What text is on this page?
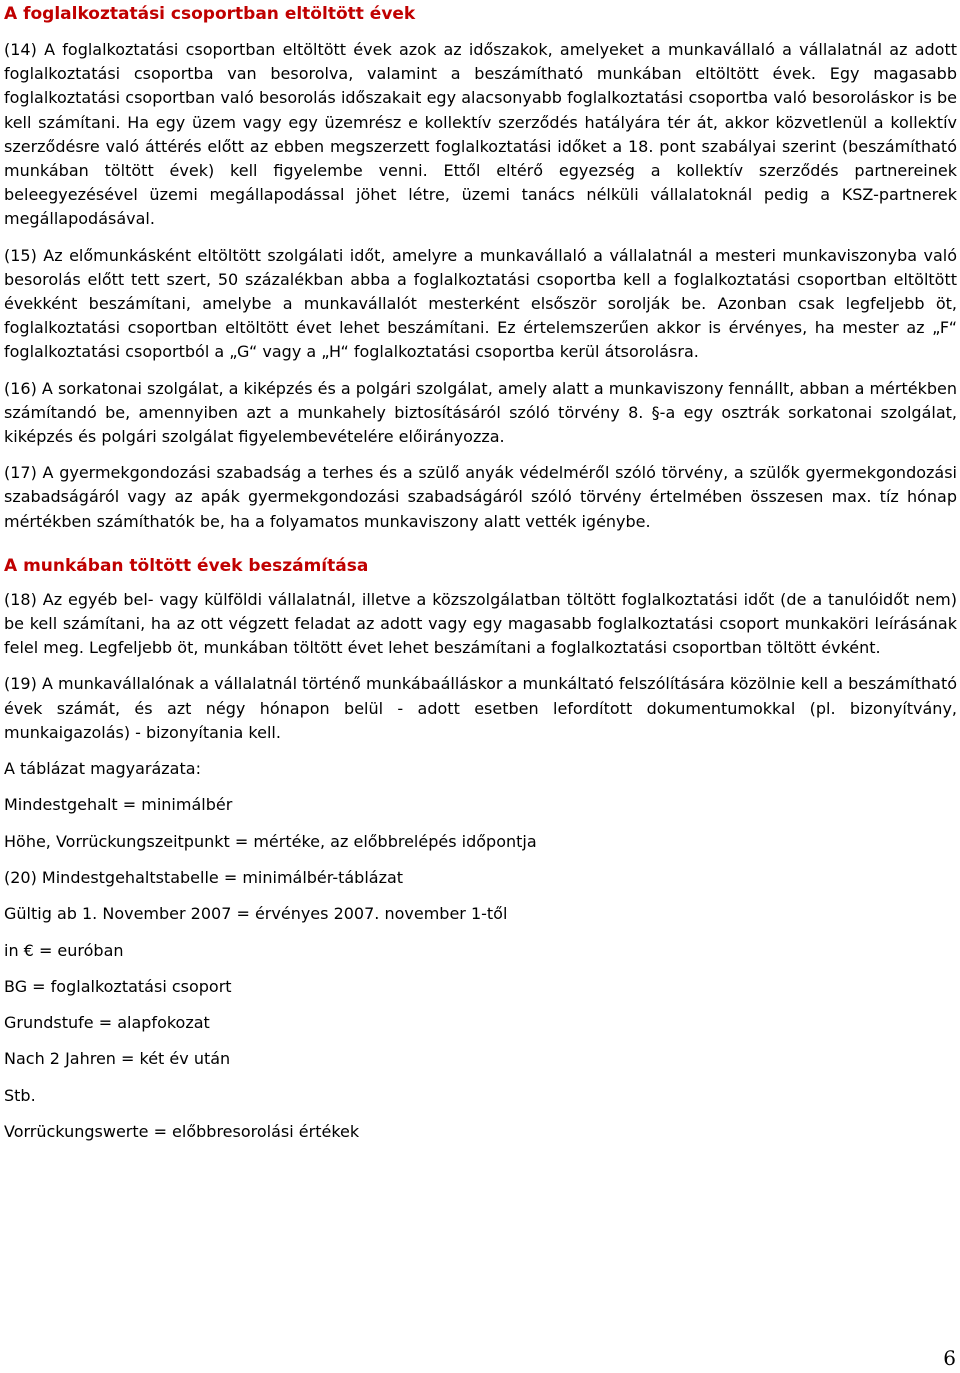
A foglalkoztatási csoportban eltöltött évek

(14) A foglalkoztatási csoportban eltöltött évek azok az időszakok, amelyeket a munkavállaló a vállalatnál az adott foglalkoztatási csoportba van besorolva, valamint a beszámítható munkában eltöltött évek. Egy magasabb foglalkoztatási csoportban való besorolás időszakait egy alacsonyabb foglalkoztatási csoportba való besoroláskor is be kell számítani. Ha egy üzem vagy egy üzemrész e kollektív szerződés hatályára tér át, akkor közvetlenül a kollektív szerződésre való áttérés előtt az ebben megszerzett foglalkoztatási időket a 18. pont szabályai szerint (beszámítható munkában töltött évek) kell figyelembe venni. Ettől eltérő egyezség a kollektív szerződés partnereinek beleegyezésével üzemi megállapodással jöhet létre, üzemi tanács nélküli vállalatoknál pedig a KSZ-partnerek megállapodásával.

(15) Az előmunkásként eltöltött szolgálati időt, amelyre a munkavállaló a vállalatnál a mesteri munkaviszonyba való besorolás előtt tett szert, 50 százalékban abba a foglalkoztatási csoportba kell a foglalkoztatási csoportban eltöltött évekként beszámítani, amelybe a munkavállalót mesterként elsőször sorolják be. Azonban csak legfeljebb öt, foglalkoztatási csoportban eltöltött évet lehet beszámítani. Ez értelemszerűen akkor is érvényes, ha mester az „F“ foglalkoztatási csoportból a „G“ vagy a „H“ foglalkoztatási csoportba kerül átsorolásra.

(16) A sorkatonai szolgálat, a kiképzés és a polgári szolgálat, amely alatt a munkaviszony fennállt, abban a mértékben számítandó be, amennyiben azt a munkahely biztosításáról szóló törvény 8. §-a egy osztrák sorkatonai szolgálat, kiképzés és polgári szolgálat figyelembevételére előirányozza.

(17) A gyermekgondozási szabadság a terhes és a szülő anyák védelméről szóló törvény, a szülők gyermekgondozási szabadságáról vagy az apák gyermekgondozási szabadságáról szóló törvény értelmében összesen max. tíz hónap mértékben számíthatók be, ha a folyamatos munkaviszony alatt vették igénybe.

A munkában töltött évek beszámítása

(18) Az egyéb bel- vagy külföldi vállalatnál, illetve a közszolgálatban töltött foglalkoztatási időt (de a tanulóidőt nem) be kell számítani, ha az ott végzett feladat az adott vagy egy magasabb foglalkoztatási csoport munkaköri leírásának felel meg. Legfeljebb öt, munkában töltött évet lehet beszámítani a foglalkoztatási csoportban töltött évként.

(19) A munkavállalónak a vállalatnál történő munkábaálláskor a munkáltató felszólítására közölnie kell a beszámítható évek számát, és azt négy hónapon belül - adott esetben lefordított dokumentumokkal (pl. bizonyítvány, munkaigazolás) - bizonyítania kell.

A táblázat magyarázata:
Mindestgehalt = minimálbér
Höhe, Vorrückungszeitpunkt = mértéke, az előbbrelépés időpontja
(20) Mindestgehaltstabelle = minimálbér-táblázat
Gültig ab 1. November 2007 = érvényes 2007. november 1-től
in € = euróban
BG = foglalkoztatási csoport
Grundstufe = alapfokozat
Nach 2 Jahren = két év után
Stb.
Vorrückungswerte = előbbresorolási értékek
6
